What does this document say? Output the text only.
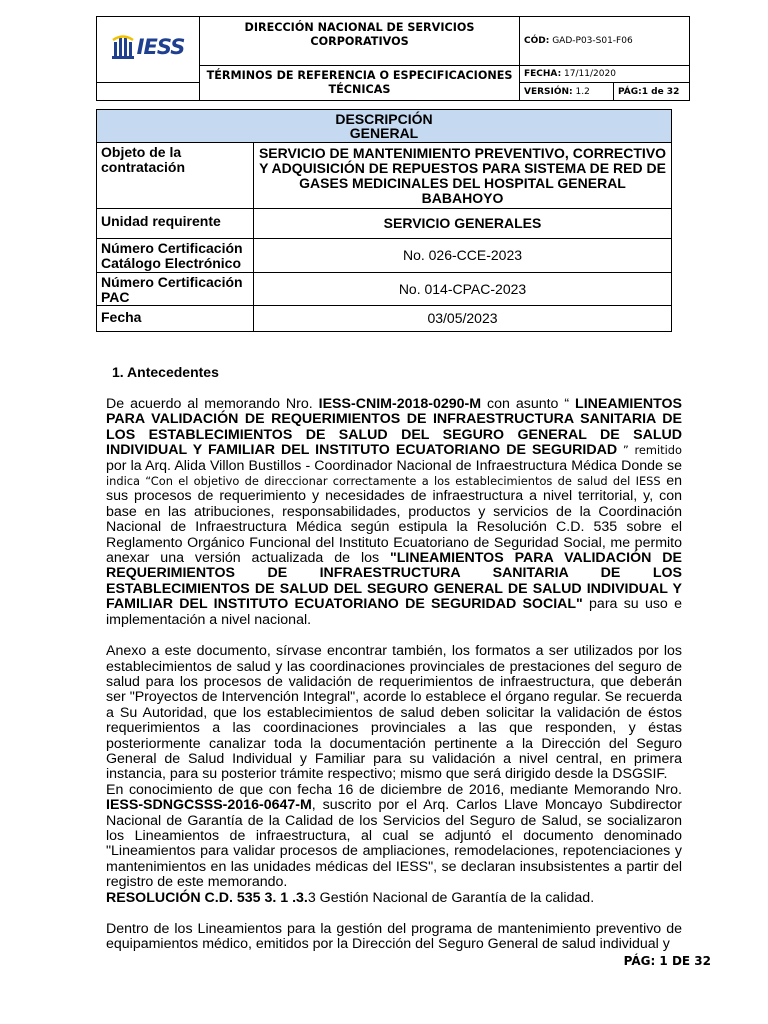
IESS	DIRECCIÓN NACIONAL DE SERVICIOS CORPORATIVOS	CÓD: GAD-P03-S01-F06	
	TÉRMINOS DE REFERENCIA O ESPECIFICACIONES TÉCNICAS	FECHA: 17/11/2020	
		VERSIÓN: 1.2	PÁG:1 de 32
DESCRIPCIÓN
GENERAL	
Objeto de la contratación	SERVICIO DE MANTENIMIENTO PREVENTIVO, CORRECTIVO Y ADQUISICIÓN DE REPUESTOS PARA SISTEMA DE RED DE GASES MEDICINALES DEL HOSPITAL GENERAL BABAHOYO
Unidad requirente	SERVICIO GENERALES
Número Certificación Catálogo Electrónico	No. 026-CCE-2023
Número Certificación PAC	No. 014-CPAC-2023
Fecha	03/05/2023
1. Antecedentes

De acuerdo al memorando Nro. IESS-CNIM-2018-0290-M con asunto “ LINEAMIENTOS PARA VALIDACIÓN DE REQUERIMIENTOS DE INFRAESTRUCTURA SANITARIA DE LOS ESTABLECIMIENTOS DE SALUD DEL SEGURO GENERAL DE SALUD INDIVIDUAL Y FAMILIAR DEL INSTITUTO ECUATORIANO DE SEGURIDAD ” remitido por la Arq. Alida Villon Bustillos - Coordinador Nacional de Infraestructura Médica Donde se indica “Con el objetivo de direccionar correctamente a los establecimientos de salud del IESS en sus procesos de requerimiento y necesidades de infraestructura a nivel territorial, y, con base en las atribuciones, responsabilidades, productos y servicios de la Coordinación Nacional de Infraestructura Médica según estipula la Resolución C.D. 535 sobre el Reglamento Orgánico Funcional del Instituto Ecuatoriano de Seguridad Social, me permito anexar una versión actualizada de los "LINEAMIENTOS PARA VALIDACIÓN DE REQUERIMIENTOS DE INFRAESTRUCTURA SANITARIA DE LOS ESTABLECIMIENTOS DE SALUD DEL SEGURO GENERAL DE SALUD INDIVIDUAL Y FAMILIAR DEL INSTITUTO ECUATORIANO DE SEGURIDAD SOCIAL" para su uso e implementación a nivel nacional.

Anexo a este documento, sírvase encontrar también, los formatos a ser utilizados por los establecimientos de salud y las coordinaciones provinciales de prestaciones del seguro de salud para los procesos de validación de requerimientos de infraestructura, que deberán ser "Proyectos de Intervención Integral", acorde lo establece el órgano regular. Se recuerda a Su Autoridad, que los establecimientos de salud deben solicitar la validación de éstos requerimientos a las coordinaciones provinciales a las que responden, y éstas posteriormente canalizar toda la documentación pertinente a la Dirección del Seguro General de Salud Individual y Familiar para su validación a nivel central, en primera instancia, para su posterior trámite respectivo; mismo que será dirigido desde la DSGSIF.

En conocimiento de que con fecha 16 de diciembre de 2016, mediante Memorando Nro. IESS-SDNGCSSS-2016-0647-M, suscrito por el Arq. Carlos Llave Moncayo Subdirector Nacional de Garantía de la Calidad de los Servicios del Seguro de Salud, se socializaron los Lineamientos de infraestructura, al cual se adjuntó el documento denominado "Lineamientos para validar procesos de ampliaciones, remodelaciones, repotenciaciones y mantenimientos en las unidades médicas del IESS", se declaran insubsistentes a partir del registro de este memorando.

RESOLUCIÓN C.D. 535 3. 1 .3.3 Gestión Nacional de Garantía de la calidad.

Dentro de los Lineamientos para la gestión del programa de mantenimiento preventivo de equipamientos médico, emitidos por la Dirección del Seguro General de salud individual y

PÁG: 1 DE 32
